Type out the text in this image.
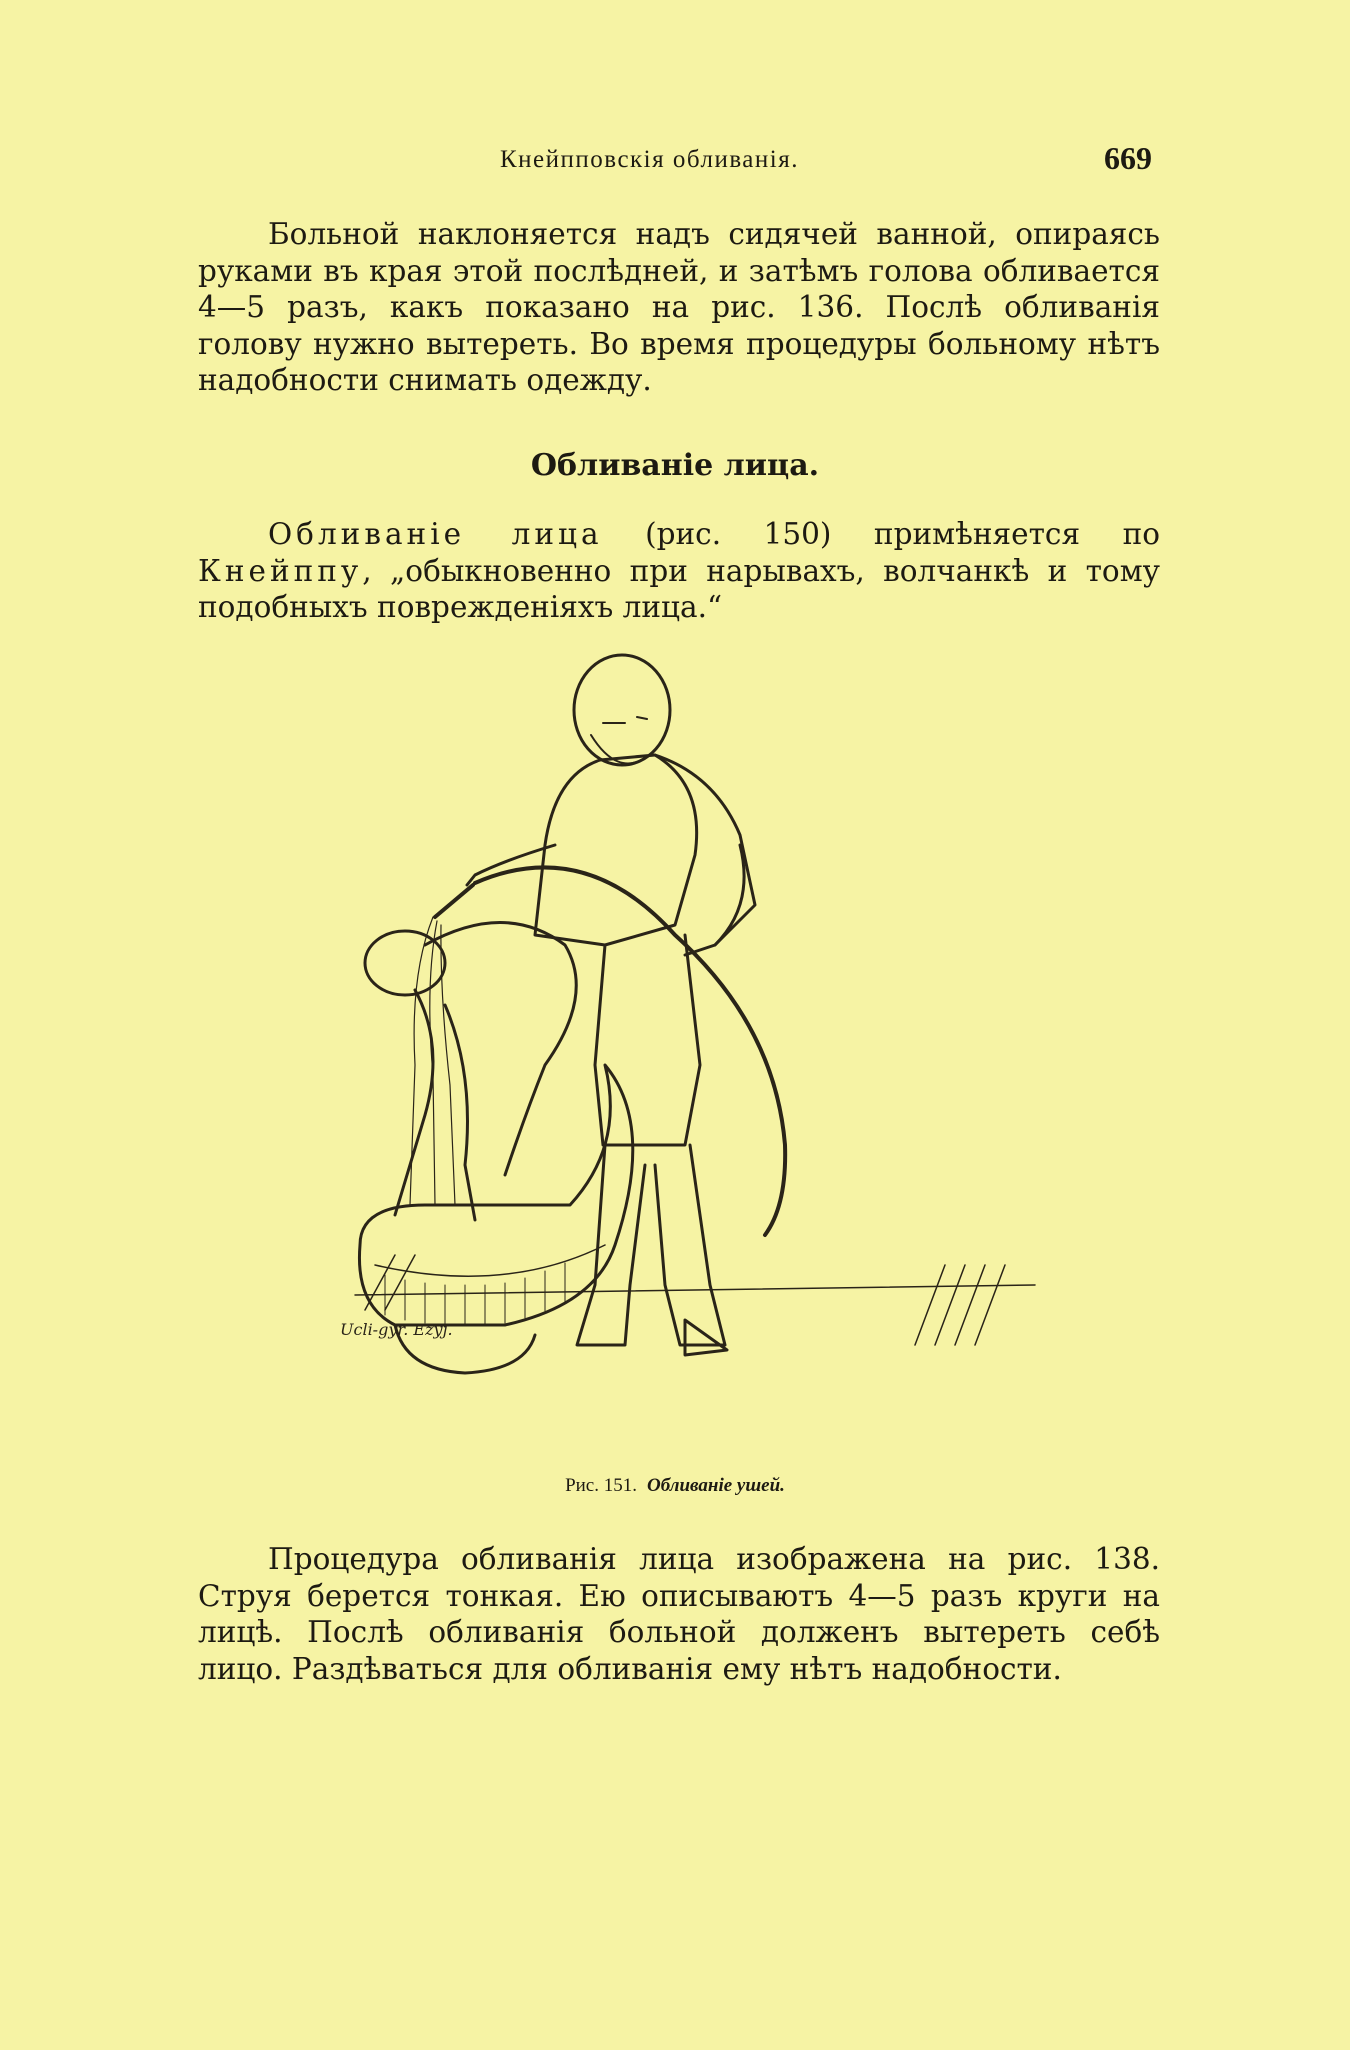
Кнейпповскія обливанія.	669

Больной наклоняется надъ сидячей ванной, опираясь руками въ края этой послѣдней, и затѣмъ голова обливается 4—5 разъ, какъ показано на рис. 136. Послѣ обливанія голову нужно вытереть. Во время процедуры больному нѣтъ надобности снимать одежду.

Обливаніе лица.

Обливаніе лица (рис. 150) примѣняется по Кнейппу, „обыкновенно при нарывахъ, волчанкѣ и тому подобныхъ поврежденіяхъ лица.“

Ucli-gyr. Ezyj.
Рис. 151. Обливаніе ушей.

Процедура обливанія лица изображена на рис. 138. Струя берется тонкая. Ею описываютъ 4—5 разъ круги на лицѣ. Послѣ обливанія больной долженъ вытереть себѣ лицо. Раздѣваться для обливанія ему нѣтъ надобности.
